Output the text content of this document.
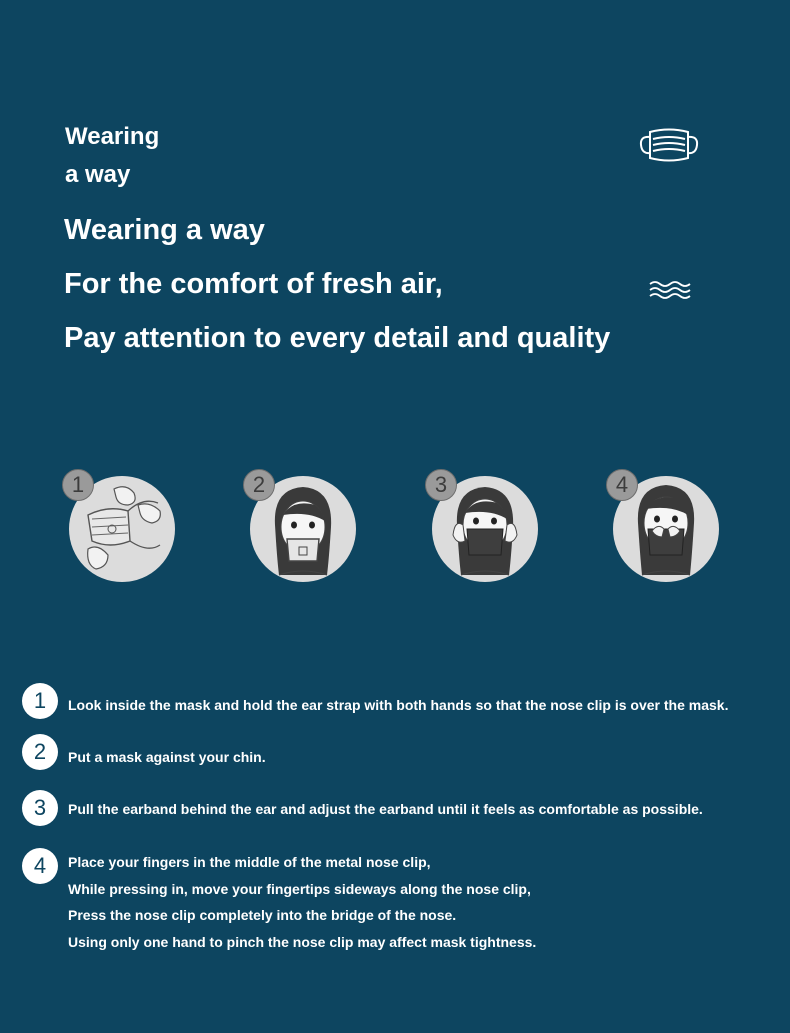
Wearing
a way
Wearing a way
For the comfort of fresh air,
Pay attention to every detail and quality
1	2	3	4
1	Look inside the mask and hold the ear strap with both hands so that the nose clip is over the mask.
2	Put a mask against your chin.
3	Pull the earband behind the ear and adjust the earband until it feels as comfortable as possible.
4	Place your fingers in the middle of the metal nose clip,
While pressing in, move your fingertips sideways along the nose clip,
Press the nose clip completely into the bridge of the nose.
Using only one hand to pinch the nose clip may affect mask tightness.
